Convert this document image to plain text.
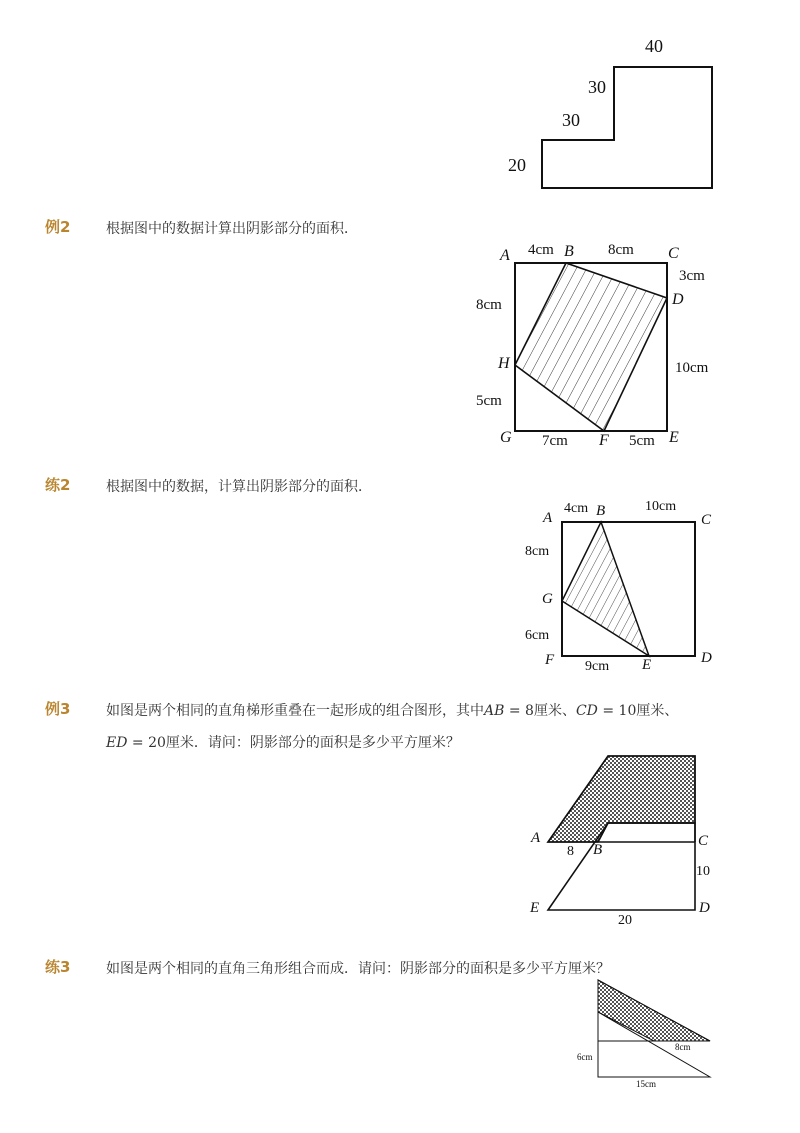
40
30
30
20
例2	根据图中的数据计算出阴影部分的面积．
A	B	C
D
H
G	F	E
4cm	8cm
3cm
8cm
10cm
5cm
7cm	5cm
练2	根据图中的数据，计算出阴影部分的面积．
A	B
C
G
F	E	D
4cm	10cm
8cm
6cm
9cm
例3	如图是两个相同的直角梯形重叠在一起形成的组合图形，其中AB = 8厘米、CD = 10厘米、
ED = 20厘米．请问：阴影部分的面积是多少平方厘米？
A
B
C
E	D
8
10
20
练3	如图是两个相同的直角三角形组合而成．请问：阴影部分的面积是多少平方厘米？
8cm
6cm
15cm
